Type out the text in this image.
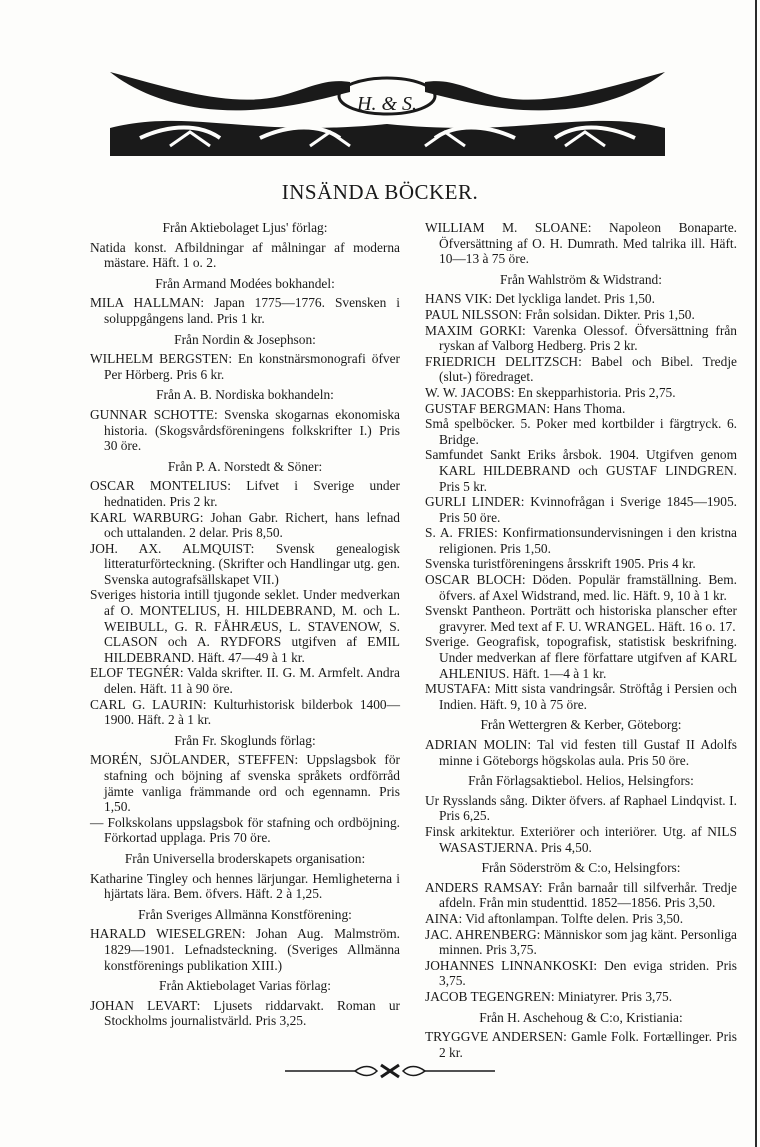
H. & S.
INSÄNDA BÖCKER.

Från Aktiebolaget Ljus' förlag:

Natida konst. Afbildningar af målningar af moderna mästare. Häft. 1 o. 2.

Från Armand Modées bokhandel:

MILA HALLMAN: Japan 1775—1776. Svensken i soluppgångens land. Pris 1 kr.

Från Nordin & Josephson:

WILHELM BERGSTEN: En konstnärsmonografi öfver Per Hörberg. Pris 6 kr.

Från A. B. Nordiska bokhandeln:

GUNNAR SCHOTTE: Svenska skogarnas ekonomiska historia. (Skogsvårdsföreningens folkskrifter I.) Pris 30 öre.

Från P. A. Norstedt & Söner:

OSCAR MONTELIUS: Lifvet i Sverige under hednatiden. Pris 2 kr.

KARL WARBURG: Johan Gabr. Richert, hans lefnad och uttalanden. 2 delar. Pris 8,50.

JOH. AX. ALMQUIST: Svensk genealogisk litteraturförteckning. (Skrifter och Handlingar utg. gen. Svenska autografsällskapet VII.)

Sveriges historia intill tjugonde seklet. Under medverkan af O. MONTELIUS, H. HILDEBRAND, M. och L. WEIBULL, G. R. FÅHRÆUS, L. STAVENOW, S. CLASON och A. RYDFORS utgifven af EMIL HILDEBRAND. Häft. 47—49 à 1 kr.

ELOF TEGNÉR: Valda skrifter. II. G. M. Armfelt. Andra delen. Häft. 11 à 90 öre.

CARL G. LAURIN: Kulturhistorisk bilderbok 1400—1900. Häft. 2 à 1 kr.

Från Fr. Skoglunds förlag:

MORÉN, SJÖLANDER, STEFFEN: Uppslagsbok för stafning och böjning af svenska språkets ordförråd jämte vanliga främmande ord och egennamn. Pris 1,50.

— Folkskolans uppslagsbok för stafning och ordböjning. Förkortad upplaga. Pris 70 öre.

Från Universella broderskapets organisation:

Katharine Tingley och hennes lärjungar. Hemligheterna i hjärtats lära. Bem. öfvers. Häft. 2 à 1,25.

Från Sveriges Allmänna Konstförening:

HARALD WIESELGREN: Johan Aug. Malmström. 1829—1901. Lefnadsteckning. (Sveriges Allmänna konstförenings publikation XIII.)

Från Aktiebolaget Varias förlag:

JOHAN LEVART: Ljusets riddarvakt. Roman ur Stockholms journalistvärld. Pris 3,25.

WILLIAM M. SLOANE: Napoleon Bonaparte. Öfversättning af O. H. Dumrath. Med talrika ill. Häft. 10—13 à 75 öre.

Från Wahlström & Widstrand:

HANS VIK: Det lyckliga landet. Pris 1,50.

PAUL NILSSON: Från solsidan. Dikter. Pris 1,50.

MAXIM GORKI: Varenka Olessof. Öfversättning från ryskan af Valborg Hedberg. Pris 2 kr.

FRIEDRICH DELITZSCH: Babel och Bibel. Tredje (slut-) föredraget.

W. W. JACOBS: En skepparhistoria. Pris 2,75.

GUSTAF BERGMAN: Hans Thoma.

Små spelböcker. 5. Poker med kortbilder i färgtryck. 6. Bridge.

Samfundet Sankt Eriks årsbok. 1904. Utgifven genom KARL HILDEBRAND och GUSTAF LINDGREN. Pris 5 kr.

GURLI LINDER: Kvinnofrågan i Sverige 1845—1905. Pris 50 öre.

S. A. FRIES: Konfirmationsundervisningen i den kristna religionen. Pris 1,50.

Svenska turistföreningens årsskrift 1905. Pris 4 kr.

OSCAR BLOCH: Döden. Populär framställning. Bem. öfvers. af Axel Widstrand, med. lic. Häft. 9, 10 à 1 kr.

Svenskt Pantheon. Porträtt och historiska planscher efter gravyrer. Med text af F. U. WRANGEL. Häft. 16 o. 17.

Sverige. Geografisk, topografisk, statistisk beskrifning. Under medverkan af flere författare utgifven af KARL AHLENIUS. Häft. 1—4 à 1 kr.

MUSTAFA: Mitt sista vandringsår. Ströftåg i Persien och Indien. Häft. 9, 10 à 75 öre.

Från Wettergren & Kerber, Göteborg:

ADRIAN MOLIN: Tal vid festen till Gustaf II Adolfs minne i Göteborgs högskolas aula. Pris 50 öre.

Från Förlagsaktiebol. Helios, Helsingfors:

Ur Rysslands sång. Dikter öfvers. af Raphael Lindqvist. I. Pris 6,25.

Finsk arkitektur. Exteriörer och interiörer. Utg. af NILS WASASTJERNA. Pris 4,50.

Från Söderström & C:o, Helsingfors:

ANDERS RAMSAY: Från barnaår till silfverhår. Tredje afdeln. Från min studenttid. 1852—1856. Pris 3,50.

AINA: Vid aftonlampan. Tolfte delen. Pris 3,50.

JAC. AHRENBERG: Människor som jag känt. Personliga minnen. Pris 3,75.

JOHANNES LINNANKOSKI: Den eviga striden. Pris 3,75.

JACOB TEGENGREN: Miniatyrer. Pris 3,75.

Från H. Aschehoug & C:o, Kristiania:

TRYGGVE ANDERSEN: Gamle Folk. Fortællinger. Pris 2 kr.
